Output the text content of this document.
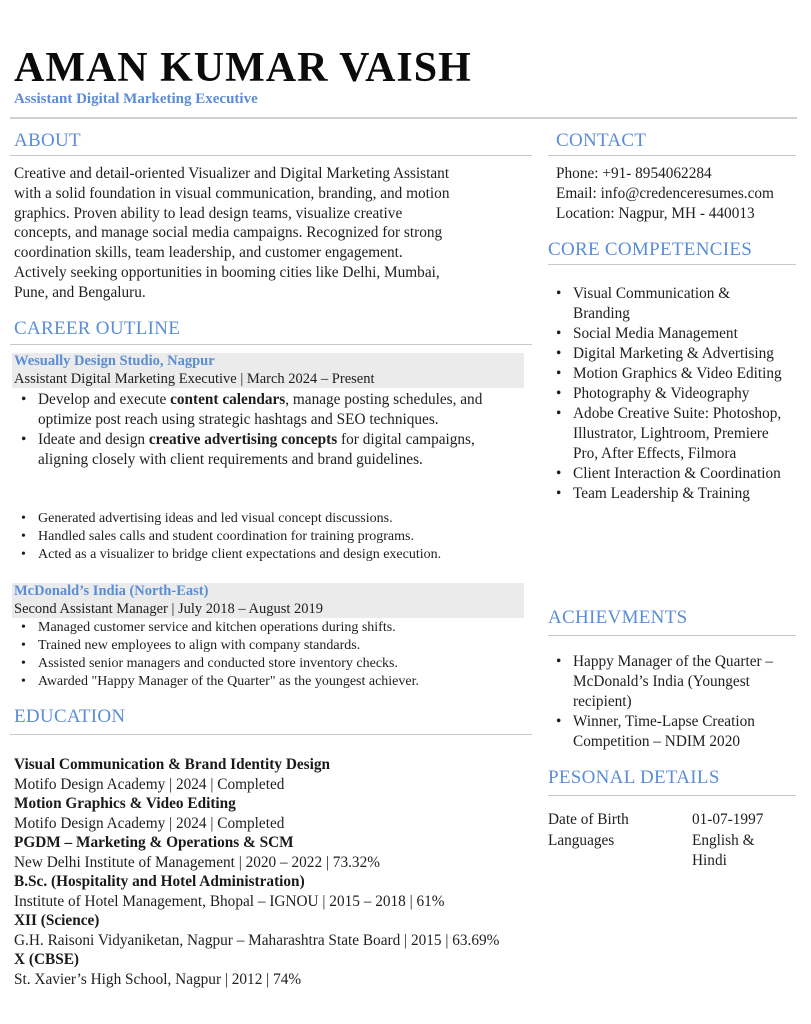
AMAN KUMAR VAISH
Assistant Digital Marketing Executive
ABOUT
Creative and detail-oriented Visualizer and Digital Marketing Assistant
with a solid foundation in visual communication, branding, and motion
graphics. Proven ability to lead design teams, visualize creative
concepts, and manage social media campaigns. Recognized for strong
coordination skills, team leadership, and customer engagement.
Actively seeking opportunities in booming cities like Delhi, Mumbai,
Pune, and Bengaluru.
CAREER OUTLINE
Wesually Design Studio, Nagpur
Assistant Digital Marketing Executive | March 2024 – Present
• Develop and execute content calendars, manage posting schedules, and optimize post reach using strategic hashtags and SEO techniques.
• Ideate and design creative advertising concepts for digital campaigns, aligning closely with client requirements and brand guidelines.
• Generated advertising ideas and led visual concept discussions.
• Handled sales calls and student coordination for training programs.
• Acted as a visualizer to bridge client expectations and design execution.
McDonald’s India (North-East)
Second Assistant Manager | July 2018 – August 2019
• Managed customer service and kitchen operations during shifts.
• Trained new employees to align with company standards.
• Assisted senior managers and conducted store inventory checks.
• Awarded "Happy Manager of the Quarter" as the youngest achiever.
EDUCATION
Visual Communication & Brand Identity Design
Motifo Design Academy | 2024 | Completed
Motion Graphics & Video Editing
Motifo Design Academy | 2024 | Completed
PGDM – Marketing & Operations & SCM
New Delhi Institute of Management | 2020 – 2022 | 73.32%
B.Sc. (Hospitality and Hotel Administration)
Institute of Hotel Management, Bhopal – IGNOU | 2015 – 2018 | 61%
XII (Science)
G.H. Raisoni Vidyaniketan, Nagpur – Maharashtra State Board | 2015 | 63.69%
X (CBSE)
St. Xavier’s High School, Nagpur | 2012 | 74%
CONTACT
Phone: +91- 8954062284
Email: info@credenceresumes.com
Location: Nagpur, MH - 440013
CORE COMPETENCIES
• Visual Communication & Branding
• Social Media Management
• Digital Marketing & Advertising
• Motion Graphics & Video Editing
• Photography & Videography
• Adobe Creative Suite: Photoshop, Illustrator, Lightroom, Premiere Pro, After Effects, Filmora
• Client Interaction & Coordination
• Team Leadership & Training
ACHIEVMENTS
• Happy Manager of the Quarter – McDonald’s India (Youngest recipient)
• Winner, Time-Lapse Creation Competition – NDIM 2020
PESONAL DETAILS
Date of Birth	01-07-1997
Languages	English & Hindi
